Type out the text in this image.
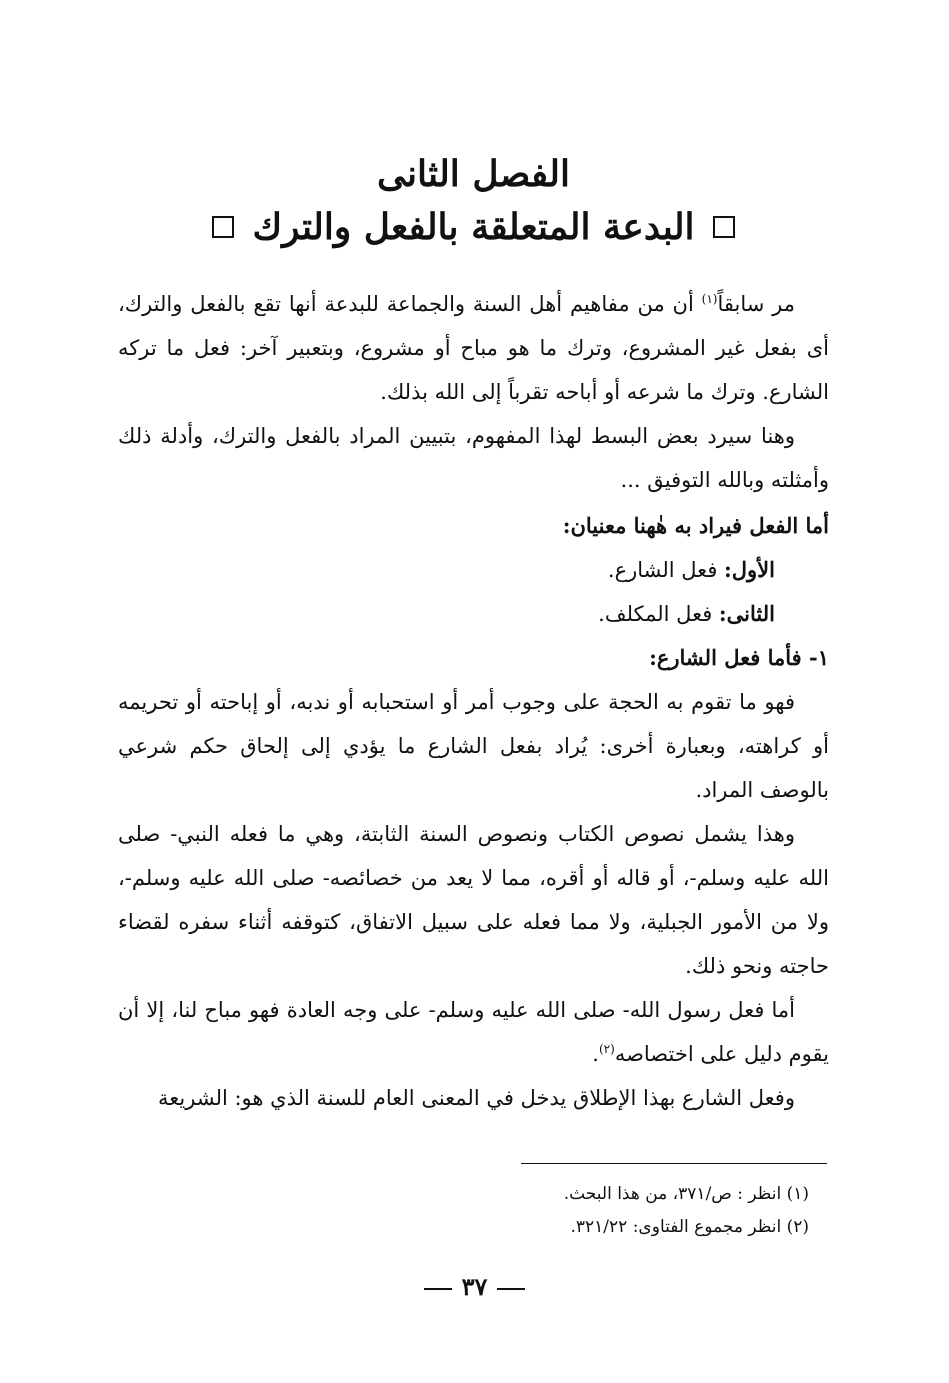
الفصل الثانى
البدعة المتعلقة بالفعل والترك

مر سابقاً$^{(١)}$ أن من مفاهيم أهل السنة والجماعة للبدعة أنها تقع بالفعل والترك، أى بفعل غير المشروع، وترك ما هو مباح أو مشروع، وبتعبير آخر: فعل ما تركه الشارع. وترك ما شرعه أو أباحه تقرباً إلى الله بذلك.

وهنا سيرد بعض البسط لهذا المفهوم، بتبيين المراد بالفعل والترك، وأدلة ذلك وأمثلته وبالله التوفيق ...

أما الفعل فيراد به هٰهنا معنيان:

الأول: فعل الشارع.

الثانى: فعل المكلف.

١- فأما فعل الشارع:

فهو ما تقوم به الحجة على وجوب أمر أو استحبابه أو ندبه، أو إباحته أو تحريمه أو كراهته، وبعبارة أخرى: يُراد بفعل الشارع ما يؤدي إلى إلحاق حكم شرعي بالوصف المراد.

وهذا يشمل نصوص الكتاب ونصوص السنة الثابتة، وهي ما فعله النبي- صلى الله عليه وسلم-، أو قاله أو أقره، مما لا يعد من خصائصه- صلى الله عليه وسلم-، ولا من الأمور الجبلية، ولا مما فعله على سبيل الاتفاق، كتوقفه أثناء سفره لقضاء حاجته ونحو ذلك.

أما فعل رسول الله- صلى الله عليه وسلم- على وجه العادة فهو مباح لنا، إلا أن يقوم دليل على اختصاصه$^{(٢)}$.

وفعل الشارع بهذا الإطلاق يدخل في المعنى العام للسنة الذي هو: الشريعة

(١) انظر : ص/٣٧١، من هذا البحث.

(٢) انظر مجموع الفتاوى: ٣٢١/٢٢.

٣٧
